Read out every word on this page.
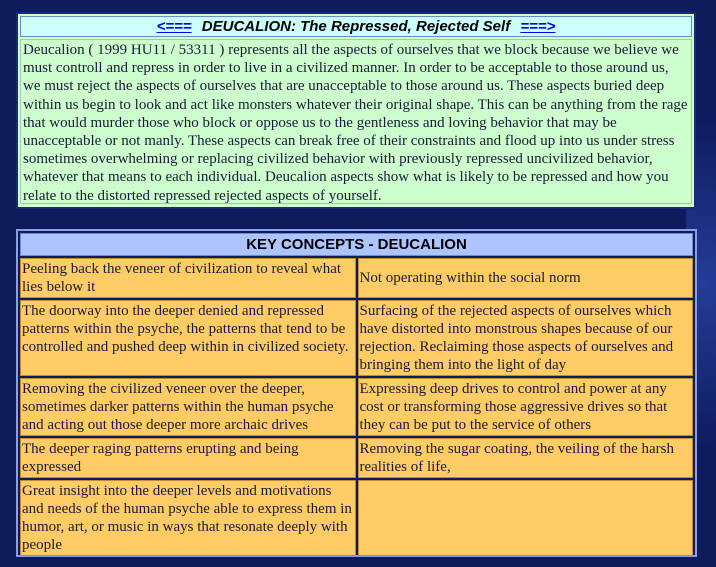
<=== DEUCALION: The Repressed, Rejected Self ===>
Deucalion ( 1999 HU11 / 53311 ) represents all the aspects of ourselves that we block because we believe we must controll and repress in order to live in a civilized manner. In order to be acceptable to those around us, we must reject the aspects of ourselves that are unacceptable to those around us. These aspects buried deep within us begin to look and act like monsters whatever their original shape. This can be anything from the rage that would murder those who block or oppose us to the gentleness and loving behavior that may be unacceptable or not manly. These aspects can break free of their constraints and flood up into us under stress sometimes overwhelming or replacing civilized behavior with previously repressed uncivilized behavior, whatever that means to each individual. Deucalion aspects show what is likely to be repressed and how you relate to the distorted repressed rejected aspects of yourself.
KEY CONCEPTS - DEUCALION	
Peeling back the veneer of civilization to reveal what lies below it	Not operating within the social norm
The doorway into the deeper denied and repressed patterns within the psyche, the patterns that tend to be controlled and pushed deep within in civilized society.	Surfacing of the rejected aspects of ourselves which have distorted into monstrous shapes because of our rejection. Reclaiming those aspects of ourselves and bringing them into the light of day
Removing the civilized veneer over the deeper, sometimes darker patterns within the human psyche and acting out those deeper more archaic drives	Expressing deep drives to control and power at any cost or transforming those aggressive drives so that they can be put to the service of others
The deeper raging patterns erupting and being expressed	Removing the sugar coating, the veiling of the harsh realities of life,
Great insight into the deeper levels and motivations and needs of the human psyche able to express them in humor, art, or music in ways that resonate deeply with people	
